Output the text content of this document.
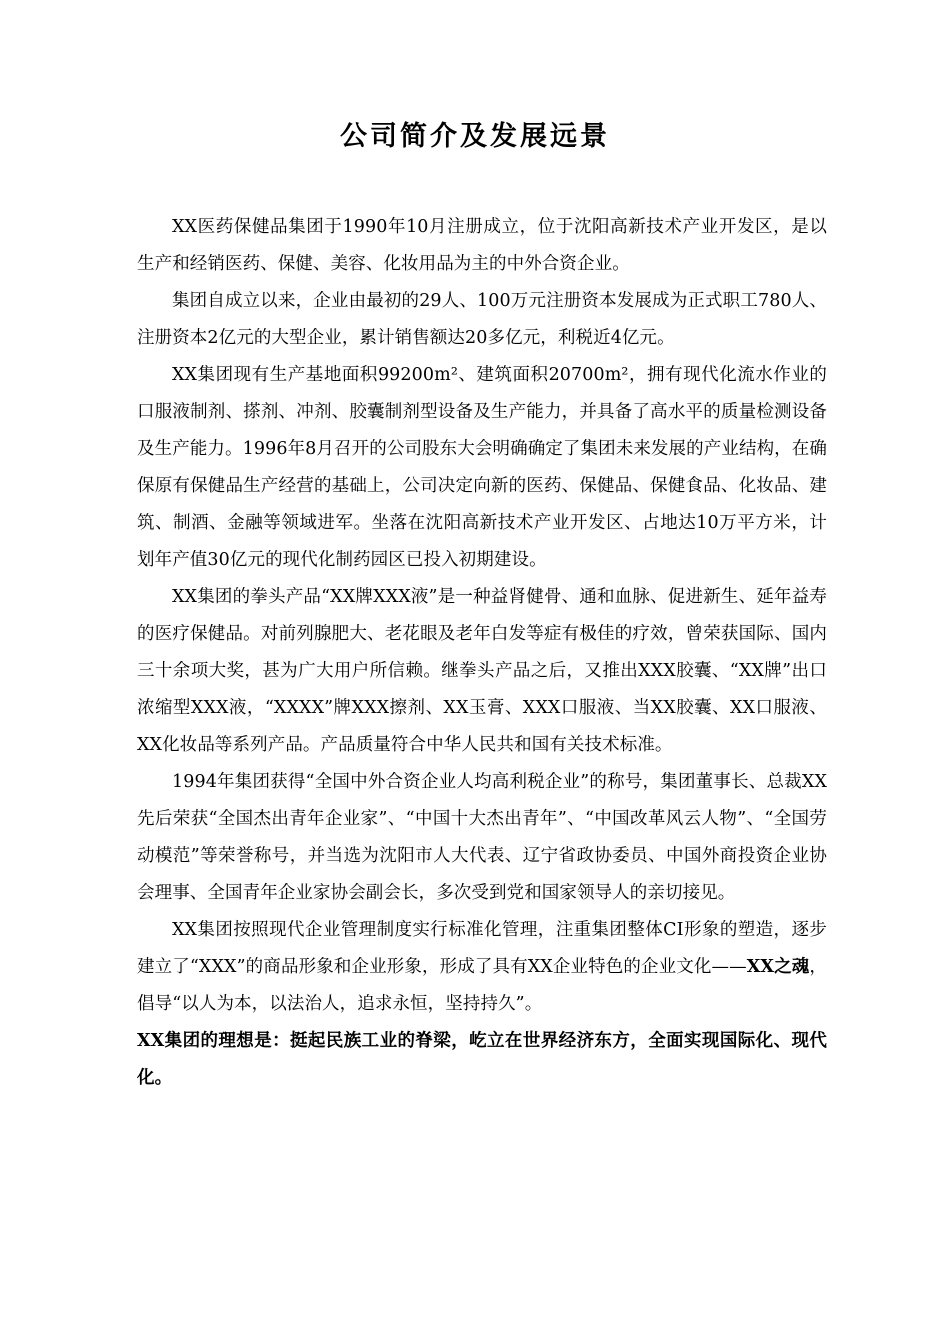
公司简介及发展远景

XX医药保健品集团于1990年10月注册成立，位于沈阳高新技术产业开发区，是以生产和经销医药、保健、美容、化妆用品为主的中外合资企业。

集团自成立以来，企业由最初的29人、100万元注册资本发展成为正式职工780人、注册资本2亿元的大型企业，累计销售额达20多亿元，利税近4亿元。

XX集团现有生产基地面积99200m²、建筑面积20700m²，拥有现代化流水作业的口服液制剂、搽剂、冲剂、胶囊制剂型设备及生产能力，并具备了高水平的质量检测设备及生产能力。1996年8月召开的公司股东大会明确确定了集团未来发展的产业结构，在确保原有保健品生产经营的基础上，公司决定向新的医药、保健品、保健食品、化妆品、建筑、制酒、金融等领域进军。坐落在沈阳高新技术产业开发区、占地达10万平方米，计划年产值30亿元的现代化制药园区已投入初期建设。

XX集团的拳头产品“XX牌XXX液”是一种益肾健骨、通和血脉、促进新生、延年益寿的医疗保健品。对前列腺肥大、老花眼及老年白发等症有极佳的疗效，曾荣获国际、国内三十余项大奖，甚为广大用户所信赖。继拳头产品之后，又推出XXX胶囊、“XX牌”出口浓缩型XXX液，“XXXX”牌XXX擦剂、XX玉膏、XXX口服液、当XX胶囊、XX口服液、XX化妆品等系列产品。产品质量符合中华人民共和国有关技术标准。

1994年集团获得“全国中外合资企业人均高利税企业”的称号，集团董事长、总裁XX先后荣获“全国杰出青年企业家”、“中国十大杰出青年”、“中国改革风云人物”、“全国劳动模范”等荣誉称号，并当选为沈阳市人大代表、辽宁省政协委员、中国外商投资企业协会理事、全国青年企业家协会副会长，多次受到党和国家领导人的亲切接见。

XX集团按照现代企业管理制度实行标准化管理，注重集团整体CI形象的塑造，逐步建立了“XXX”的商品形象和企业形象，形成了具有XX企业特色的企业文化——XX之魂，倡导“以人为本，以法治人，追求永恒，坚持持久”。

XX集团的理想是：挺起民族工业的脊梁，屹立在世界经济东方，全面实现国际化、现代化。
